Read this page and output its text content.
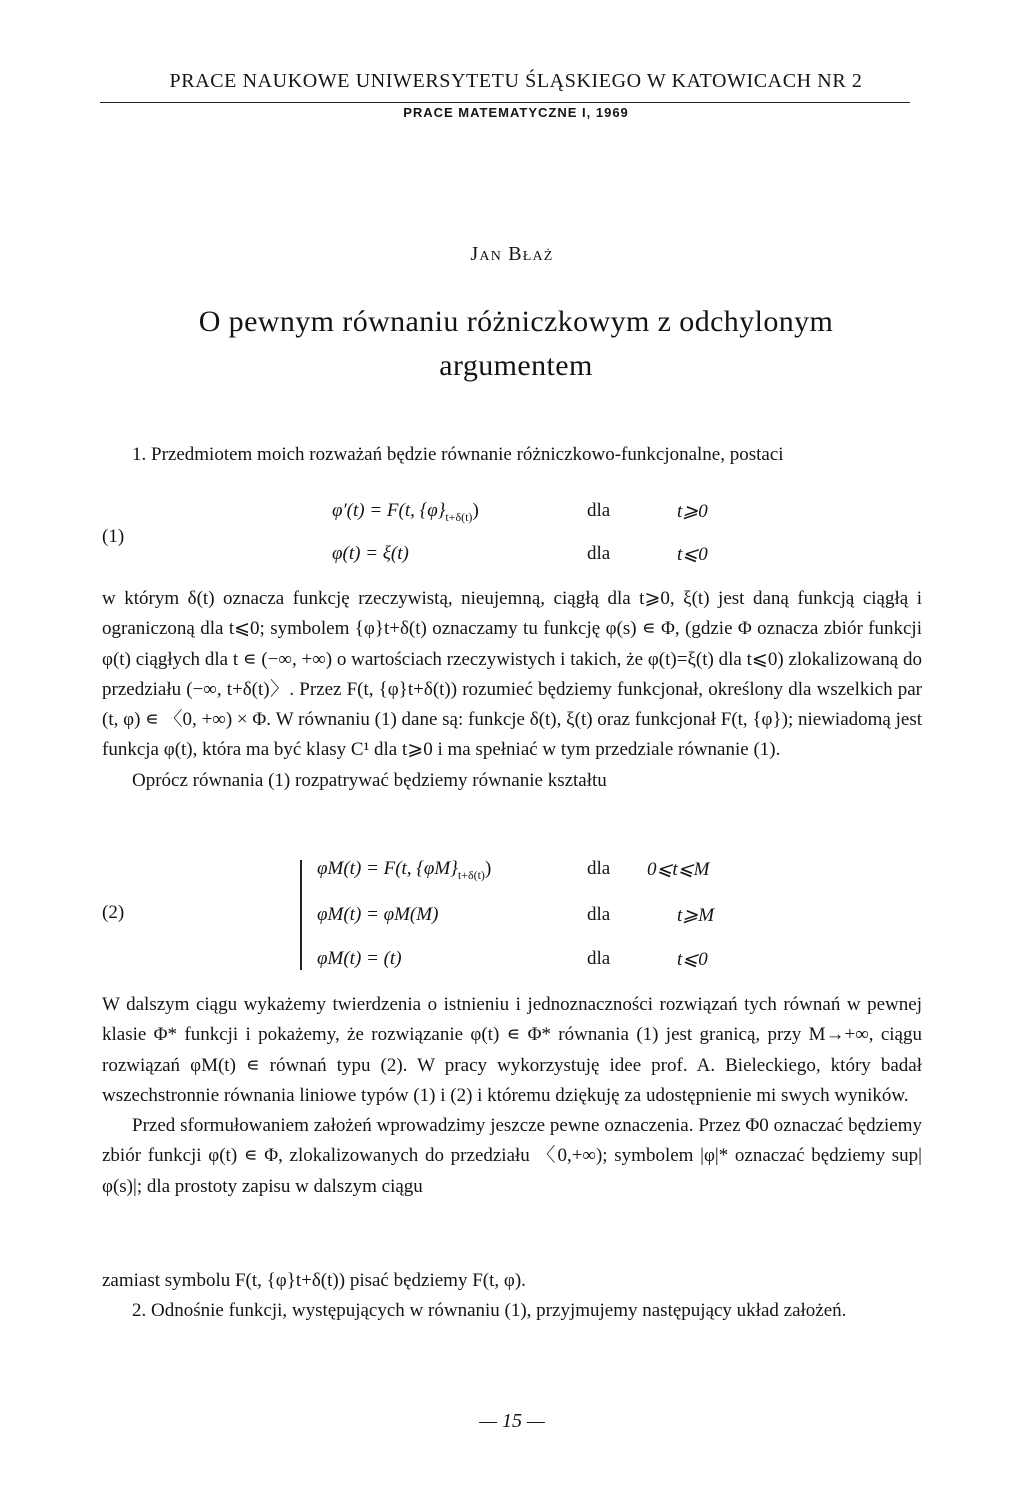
PRACE NAUKOWE UNIWERSYTETU ŚLĄSKIEGO W KATOWICACH NR 2
PRACE MATEMATYCZNE I, 1969
Jan Błaż
O pewnym równaniu różniczkowym z odchylonym
argumentem

1. Przedmiotem moich rozważań będzie równanie różniczkowo-funkcjonalne, postaci

(1)
φ′(t) = F(t, $\{\varphi\}_{t+\delta(t)}$)	dla	t⩾0
φ(t) = ξ(t)	dla	t⩽0

w którym δ(t) oznacza funkcję rzeczywistą, nieujemną, ciągłą dla t⩾0, ξ(t) jest daną funkcją ciągłą i ograniczoną dla t⩽0; symbolem {φ}t+δ(t) oznaczamy tu funkcję φ(s) ∊ Φ, (gdzie Φ oznacza zbiór funkcji φ(t) ciągłych dla t ∊ (−∞, +∞) o wartościach rzeczywistych i takich, że φ(t)=ξ(t) dla t⩽0) zlokalizowaną do przedziału (−∞, t+δ(t)〉. Przez F(t, {φ}t+δ(t)) rozumieć będziemy funkcjonał, określony dla wszelkich par (t, φ) ∊ 〈0, +∞) × Φ. W równaniu (1) dane są: funkcje δ(t), ξ(t) oraz funkcjonał F(t, {φ}); niewiadomą jest funkcja φ(t), która ma być klasy C¹ dla t⩾0 i ma spełniać w tym przedziale równanie (1).

Oprócz równania (1) rozpatrywać będziemy równanie kształtu

(2)
φM(t) = F(t, $\{\varphi M\}_{t+\delta(t)}$)	dla 0⩽t⩽M
φM(t) = φM(M)	dla	t⩾M
φM(t) = (t)	dla	t⩽0

W dalszym ciągu wykażemy twierdzenia o istnieniu i jednoznaczności rozwiązań tych równań w pewnej klasie Φ* funkcji i pokażemy, że rozwiązanie φ(t) ∊ Φ* równania (1) jest granicą, przy M→+∞, ciągu rozwiązań φM(t) ∊ równań typu (2). W pracy wykorzystuję idee prof. A. Bieleckiego, który badał wszechstronnie równania liniowe typów (1) i (2) i któremu dziękuję za udostępnienie mi swych wyników.

Przed sformułowaniem założeń wprowadzimy jeszcze pewne oznaczenia. Przez Φ0 oznaczać będziemy zbiór funkcji φ(t) ∊ Φ, zlokalizowanych do przedziału 〈0,+∞); symbolem |φ|* oznaczać będziemy sup|φ(s)|; dla prostoty zapisu w dalszym ciągu

zamiast symbolu F(t, {φ}t+δ(t)) pisać będziemy F(t, φ).

2. Odnośnie funkcji, występujących w równaniu (1), przyjmujemy następujący układ założeń.

— 15 —
